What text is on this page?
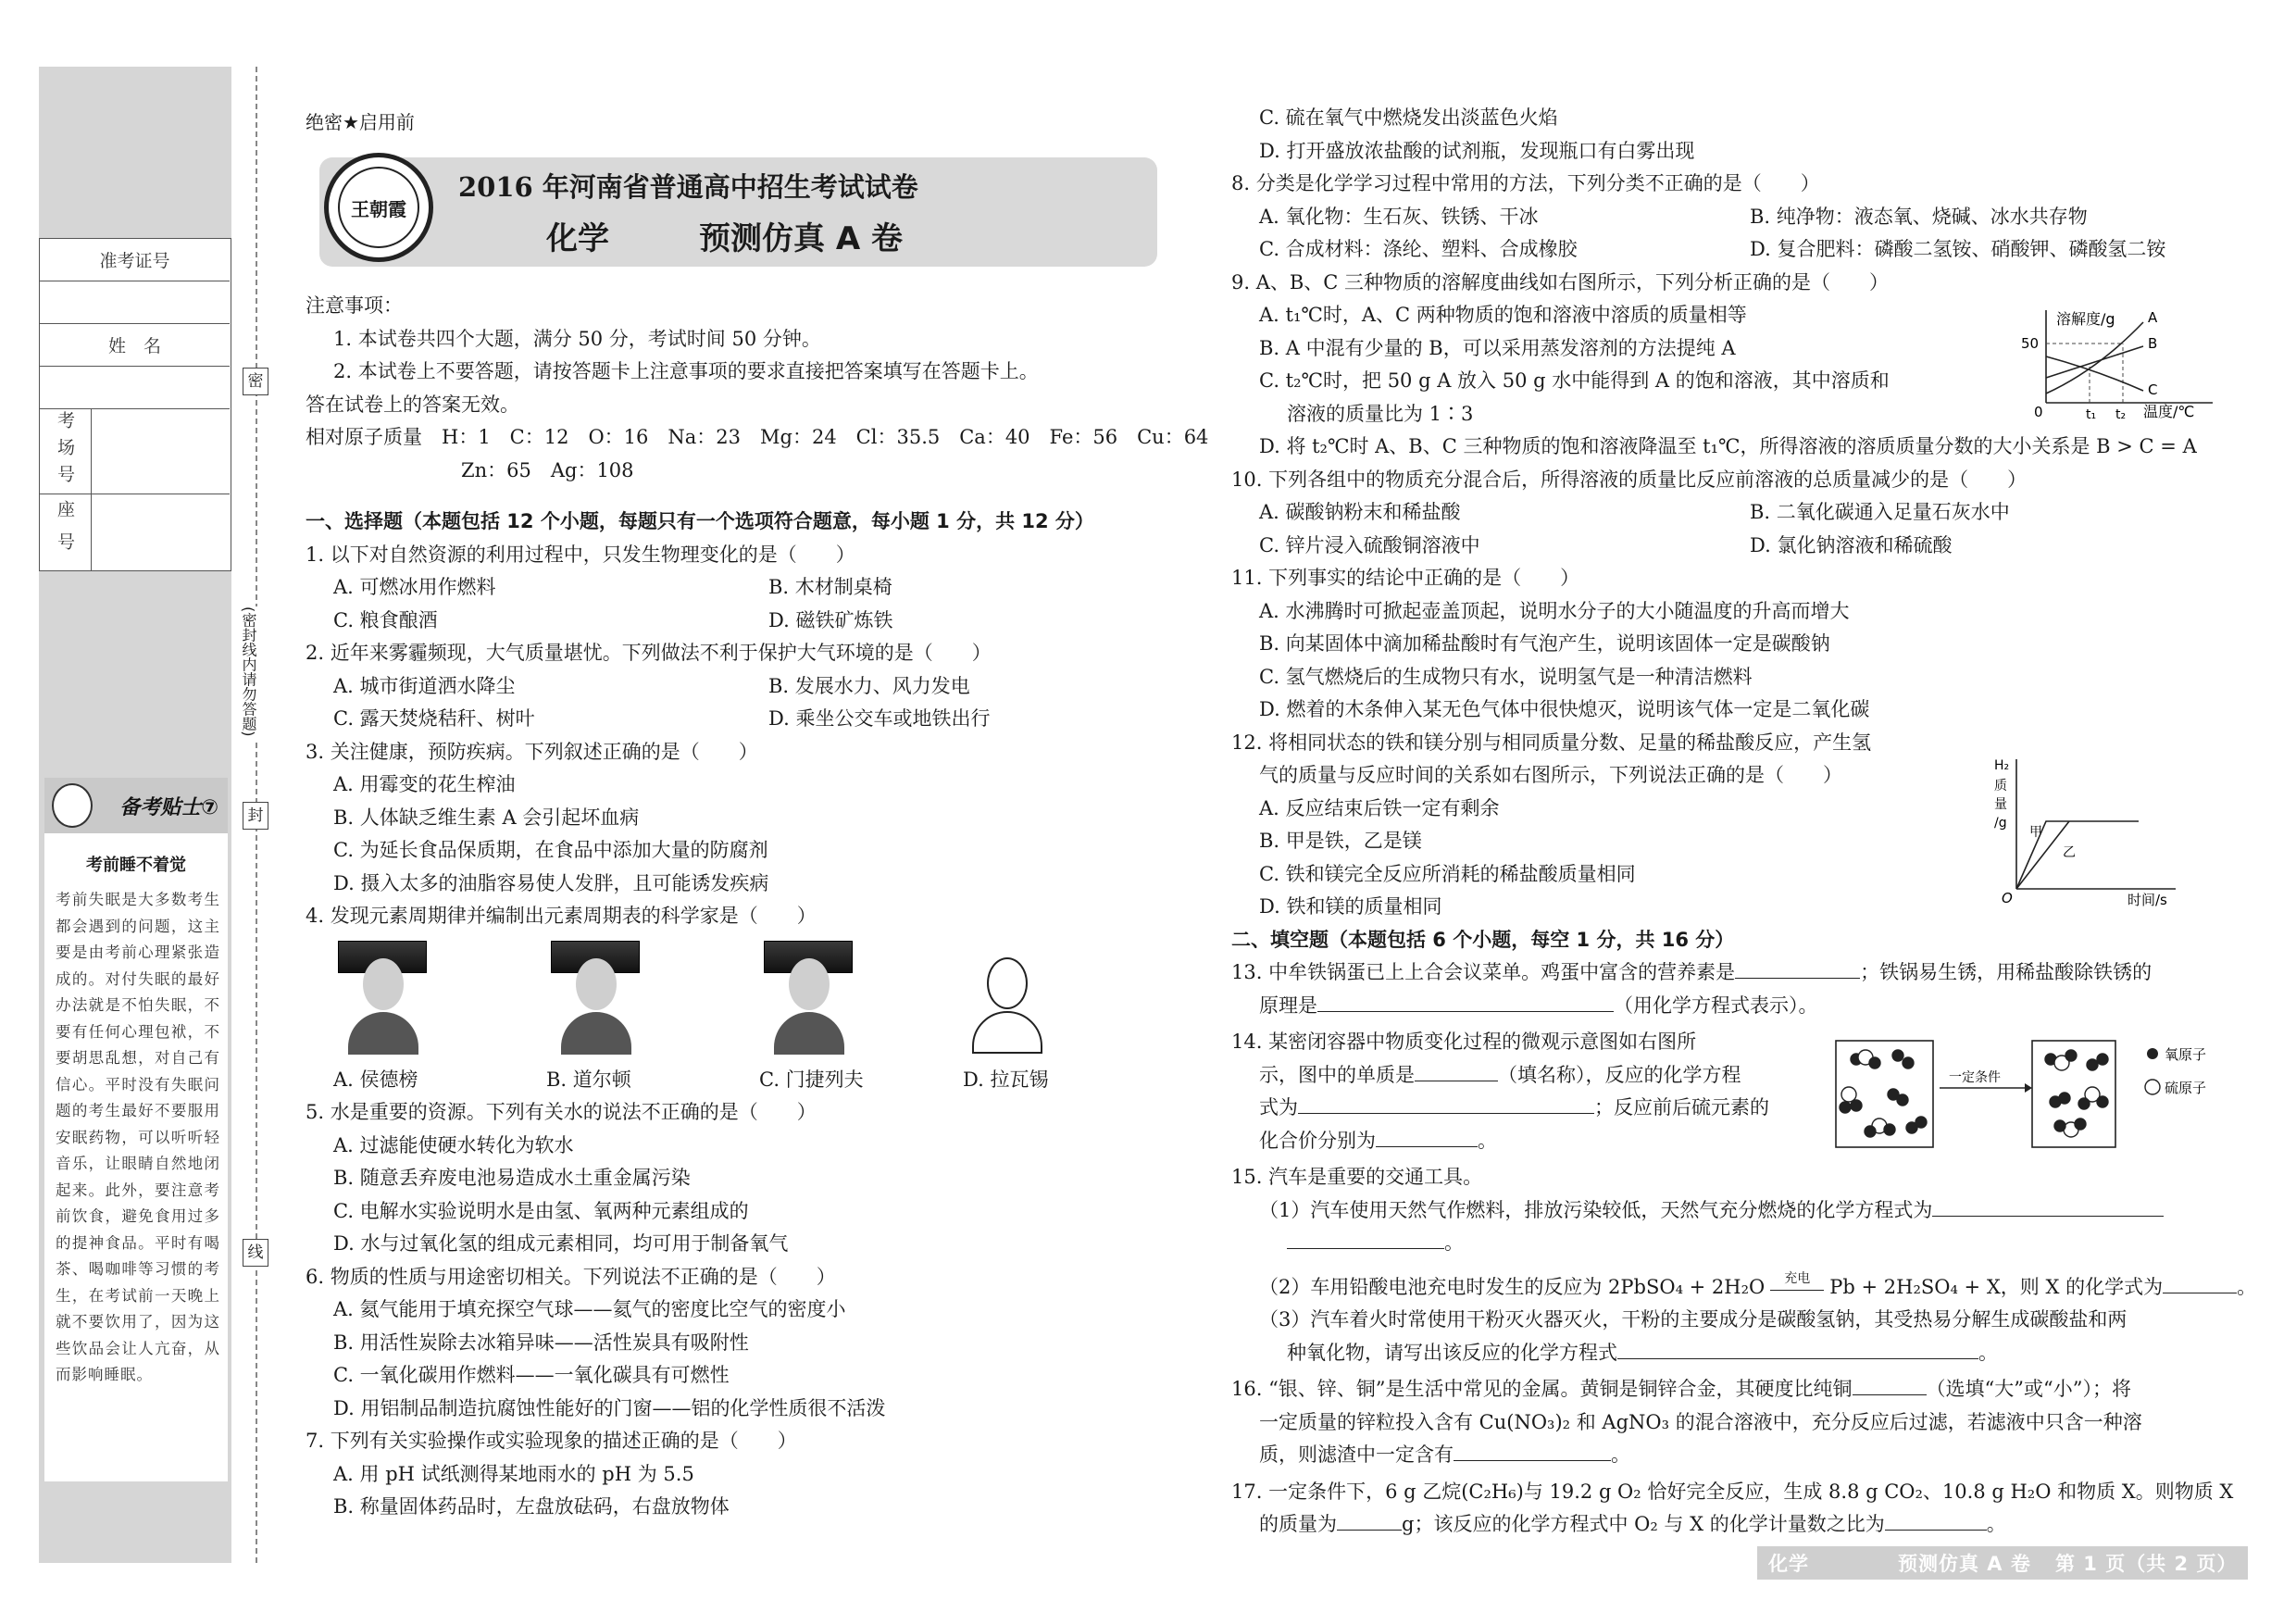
准考证号
姓　名
考场号
座号
密
(密封线内请勿答题)
封
线
备考贴士⑦
考前睡不着觉
考前失眠是大多数考生都会遇到的问题，这主要是由考前心理紧张造成的。对付失眠的最好办法就是不怕失眠，不要有任何心理包袱，不要胡思乱想，对自己有信心。平时没有失眠问题的考生最好不要服用安眠药物，可以听听轻音乐，让眼睛自然地闭起来。此外，要注意考前饮食，避免食用过多的提神食品。平时有喝茶、喝咖啡等习惯的考生，在考试前一天晚上就不要饮用了，因为这些饮品会让人亢奋，从而影响睡眠。
绝密★启用前
王朝霞
2016 年河南省普通高中招生考试试卷
化学	预测仿真 A 卷
注意事项：
1. 本试卷共四个大题，满分 50 分，考试时间 50 分钟。
2. 本试卷上不要答题，请按答题卡上注意事项的要求直接把答案填写在答题卡上。
答在试卷上的答案无效。
相对原子质量　H：1　C：12　O：16　Na：23　Mg：24　Cl：35.5　Ca：40　Fe：56　Cu：64
Zn：65　Ag：108
一、选择题（本题包括 12 个小题，每题只有一个选项符合题意，每小题 1 分，共 12 分）
1. 以下对自然资源的利用过程中，只发生物理变化的是（　　）
A. 可燃冰用作燃料	B. 木材制桌椅
C. 粮食酿酒	D. 磁铁矿炼铁
2. 近年来雾霾频现，大气质量堪忧。下列做法不利于保护大气环境的是（　　）
A. 城市街道洒水降尘	B. 发展水力、风力发电
C. 露天焚烧秸秆、树叶	D. 乘坐公交车或地铁出行
3. 关注健康，预防疾病。下列叙述正确的是（　　）
A. 用霉变的花生榨油
B. 人体缺乏维生素 A 会引起坏血病
C. 为延长食品保质期，在食品中添加大量的防腐剂
D. 摄入太多的油脂容易使人发胖，且可能诱发疾病
4. 发现元素周期律并编制出元素周期表的科学家是（　　）
A. 侯德榜	B. 道尔顿	C. 门捷列夫	D. 拉瓦锡
5. 水是重要的资源。下列有关水的说法不正确的是（　　）
A. 过滤能使硬水转化为软水
B. 随意丢弃废电池易造成水土重金属污染
C. 电解水实验说明水是由氢、氧两种元素组成的
D. 水与过氧化氢的组成元素相同，均可用于制备氧气
6. 物质的性质与用途密切相关。下列说法不正确的是（　　）
A. 氦气能用于填充探空气球——氦气的密度比空气的密度小
B. 用活性炭除去冰箱异味——活性炭具有吸附性
C. 一氧化碳用作燃料——一氧化碳具有可燃性
D. 用铝制品制造抗腐蚀性能好的门窗——铝的化学性质很不活泼
7. 下列有关实验操作或实验现象的描述正确的是（　　）
A. 用 pH 试纸测得某地雨水的 pH 为 5.5
B. 称量固体药品时，左盘放砝码，右盘放物体
C. 硫在氧气中燃烧发出淡蓝色火焰
D. 打开盛放浓盐酸的试剂瓶，发现瓶口有白雾出现
8. 分类是化学学习过程中常用的方法，下列分类不正确的是（　　）
A. 氧化物：生石灰、铁锈、干冰	B. 纯净物：液态氧、烧碱、冰水共存物
C. 合成材料：涤纶、塑料、合成橡胶	D. 复合肥料：磷酸二氢铵、硝酸钾、磷酸氢二铵
9. A、B、C 三种物质的溶解度曲线如右图所示，下列分析正确的是（　　）
A. t₁℃时，A、C 两种物质的饱和溶液中溶质的质量相等
B. A 中混有少量的 B，可以采用蒸发溶剂的方法提纯 A
C. t₂℃时，把 50 g A 放入 50 g 水中能得到 A 的饱和溶液，其中溶质和
溶液的质量比为 1∶3
D. 将 t₂℃时 A、B、C 三种物质的饱和溶液降温至 t₁℃，所得溶液的溶质质量分数的大小关系是 B > C = A
10. 下列各组中的物质充分混合后，所得溶液的质量比反应前溶液的总质量减少的是（　　）
A. 碳酸钠粉末和稀盐酸	B. 二氧化碳通入足量石灰水中
C. 锌片浸入硫酸铜溶液中	D. 氯化钠溶液和稀硫酸
11. 下列事实的结论中正确的是（　　）
A. 水沸腾时可掀起壶盖顶起，说明水分子的大小随温度的升高而增大
B. 向某固体中滴加稀盐酸时有气泡产生，说明该固体一定是碳酸钠
C. 氢气燃烧后的生成物只有水，说明氢气是一种清洁燃料
D. 燃着的木条伸入某无色气体中很快熄灭，说明该气体一定是二氧化碳
12. 将相同状态的铁和镁分别与相同质量分数、足量的稀盐酸反应，产生氢
气的质量与反应时间的关系如右图所示，下列说法正确的是（　　）
A. 反应结束后铁一定有剩余
B. 甲是铁，乙是镁
C. 铁和镁完全反应所消耗的稀盐酸质量相同
D. 铁和镁的质量相同
二、填空题（本题包括 6 个小题，每空 1 分，共 16 分）
13. 中牟铁锅蛋已上上合会议菜单。鸡蛋中富含的营养素是	；铁锅易生锈，用稀盐酸除铁锈的
原理是	（用化学方程式表示）。
14. 某密闭容器中物质变化过程的微观示意图如右图所
示，图中的单质是	（填名称），反应的化学方程
式为	；反应前后硫元素的
化合价分别为	。
15. 汽车是重要的交通工具。
（1）汽车使用天然气作燃料，排放污染较低，天然气充分燃烧的化学方程式为
。
（2）车用铅酸电池充电时发生的反应为 2PbSO₄ + 2H₂O 充电 Pb + 2H₂SO₄ + X，则 X 的化学式为	。
（3）汽车着火时常使用干粉灭火器灭火，干粉的主要成分是碳酸氢钠，其受热易分解生成碳酸盐和两
种氧化物，请写出该反应的化学方程式	。
16. “银、锌、铜”是生活中常见的金属。黄铜是铜锌合金，其硬度比纯铜	（选填“大”或“小”）；将
一定质量的锌粒投入含有 Cu(NO₃)₂ 和 AgNO₃ 的混合溶液中，充分反应后过滤，若滤液中只含一种溶
质，则滤渣中一定含有	。
17. 一定条件下，6 g 乙烷(C₂H₆)与 19.2 g O₂ 恰好完全反应，生成 8.8 g CO₂、10.8 g H₂O 和物质 X。则物质 X
的质量为	g；该反应的化学方程式中 O₂ 与 X 的化学计量数之比为	。
溶解度/g
温度/℃
50
0	t₁ t₂
A
B
C
H₂
质
量
/g
时间/s
O
甲
乙
一定条件
氧原子
硫原子
化学	预测仿真 A 卷	第 1 页（共 2 页）
